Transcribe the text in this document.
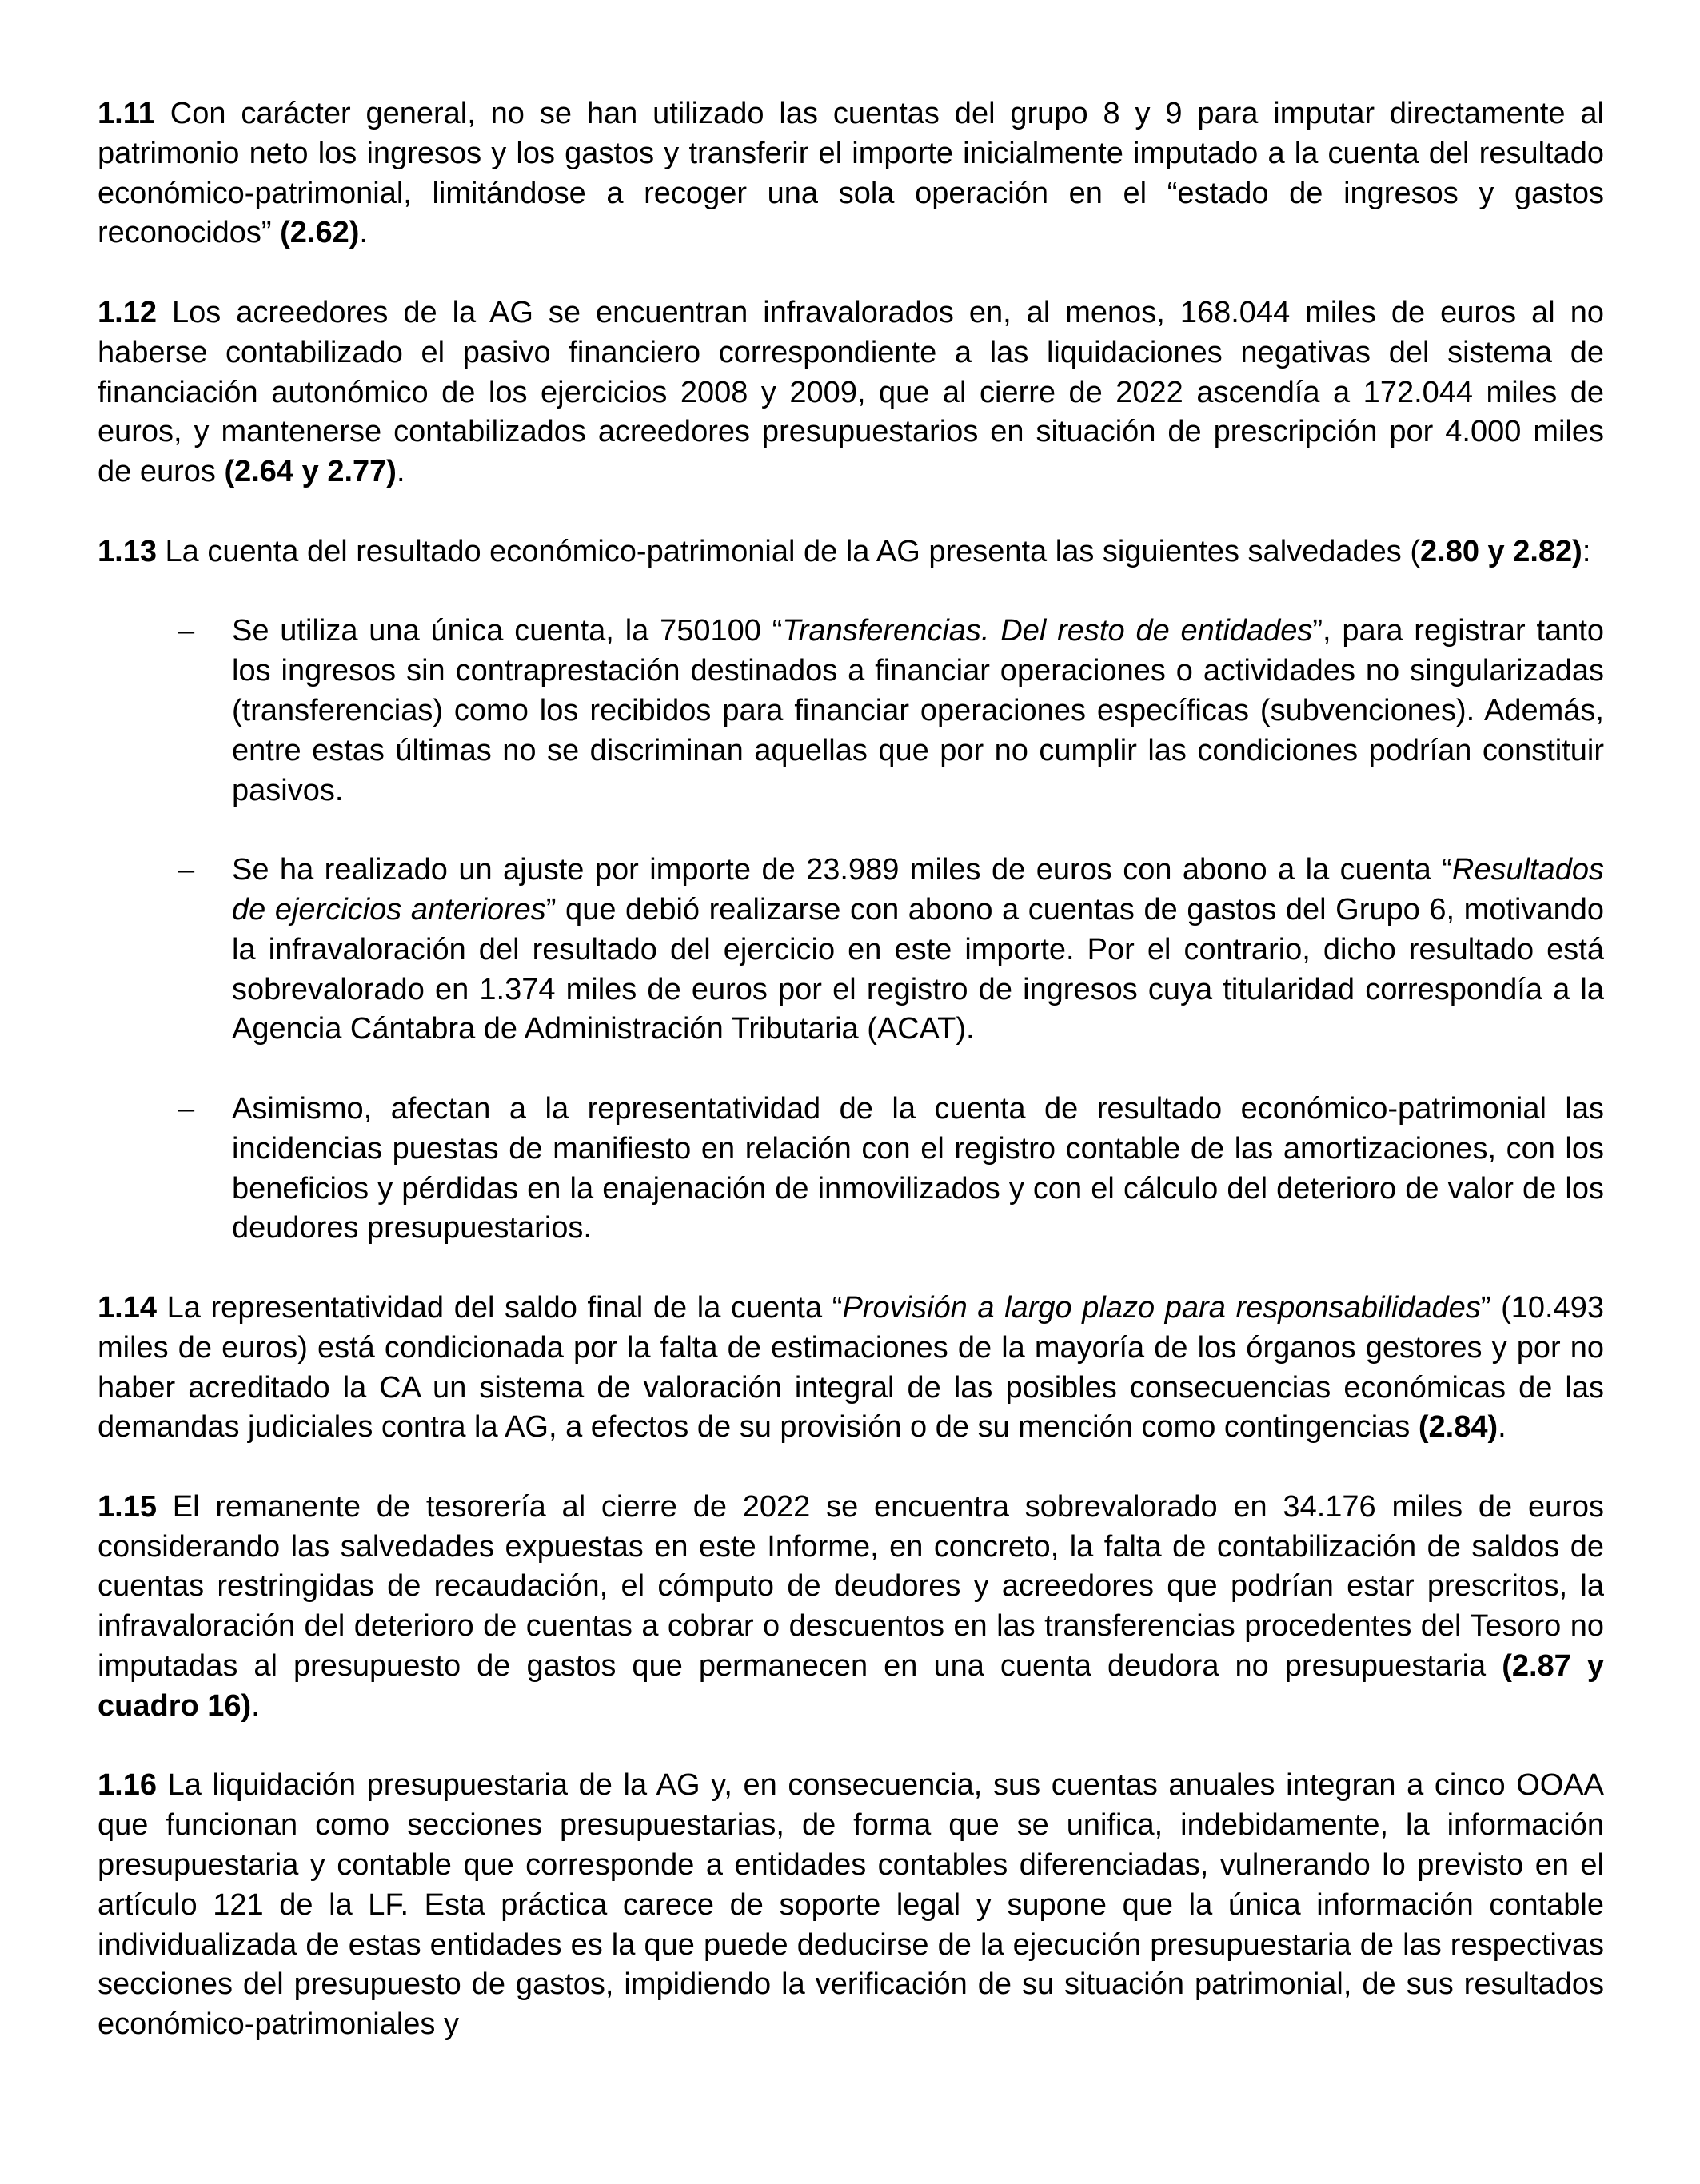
1.11 Con carácter general, no se han utilizado las cuentas del grupo 8 y 9 para imputar directamente al patrimonio neto los ingresos y los gastos y transferir el importe inicialmente imputado a la cuenta del resultado económico-patrimonial, limitándose a recoger una sola operación en el “estado de ingresos y gastos reconocidos” (2.62).

1.12 Los acreedores de la AG se encuentran infravalorados en, al menos, 168.044 miles de euros al no haberse contabilizado el pasivo financiero correspondiente a las liquidaciones negativas del sistema de financiación autonómico de los ejercicios 2008 y 2009, que al cierre de 2022 ascendía a 172.044 miles de euros, y mantenerse contabilizados acreedores presupuestarios en situación de prescripción por 4.000 miles de euros (2.64 y 2.77).

1.13 La cuenta del resultado económico-patrimonial de la AG presenta las siguientes salvedades (2.80 y 2.82):

– Se utiliza una única cuenta, la 750100 “Transferencias. Del resto de entidades”, para registrar tanto los ingresos sin contraprestación destinados a financiar operaciones o actividades no singularizadas (transferencias) como los recibidos para financiar operaciones específicas (subvenciones). Además, entre estas últimas no se discriminan aquellas que por no cumplir las condiciones podrían constituir pasivos.
– Se ha realizado un ajuste por importe de 23.989 miles de euros con abono a la cuenta “Resultados de ejercicios anteriores” que debió realizarse con abono a cuentas de gastos del Grupo 6, motivando la infravaloración del resultado del ejercicio en este importe. Por el contrario, dicho resultado está sobrevalorado en 1.374 miles de euros por el registro de ingresos cuya titularidad correspondía a la Agencia Cántabra de Administración Tributaria (ACAT).
– Asimismo, afectan a la representatividad de la cuenta de resultado económico-patrimonial las incidencias puestas de manifiesto en relación con el registro contable de las amortizaciones, con los beneficios y pérdidas en la enajenación de inmovilizados y con el cálculo del deterioro de valor de los deudores presupuestarios.

1.14 La representatividad del saldo final de la cuenta “Provisión a largo plazo para responsabilidades” (10.493 miles de euros) está condicionada por la falta de estimaciones de la mayoría de los órganos gestores y por no haber acreditado la CA un sistema de valoración integral de las posibles consecuencias económicas de las demandas judiciales contra la AG, a efectos de su provisión o de su mención como contingencias (2.84).

1.15 El remanente de tesorería al cierre de 2022 se encuentra sobrevalorado en 34.176 miles de euros considerando las salvedades expuestas en este Informe, en concreto, la falta de contabilización de saldos de cuentas restringidas de recaudación, el cómputo de deudores y acreedores que podrían estar prescritos, la infravaloración del deterioro de cuentas a cobrar o descuentos en las transferencias procedentes del Tesoro no imputadas al presupuesto de gastos que permanecen en una cuenta deudora no presupuestaria (2.87 y cuadro 16).

1.16 La liquidación presupuestaria de la AG y, en consecuencia, sus cuentas anuales integran a cinco OOAA que funcionan como secciones presupuestarias, de forma que se unifica, indebidamente, la información presupuestaria y contable que corresponde a entidades contables diferenciadas, vulnerando lo previsto en el artículo 121 de la LF. Esta práctica carece de soporte legal y supone que la única información contable individualizada de estas entidades es la que puede deducirse de la ejecución presupuestaria de las respectivas secciones del presupuesto de gastos, impidiendo la verificación de su situación patrimonial, de sus resultados económico-patrimoniales y
